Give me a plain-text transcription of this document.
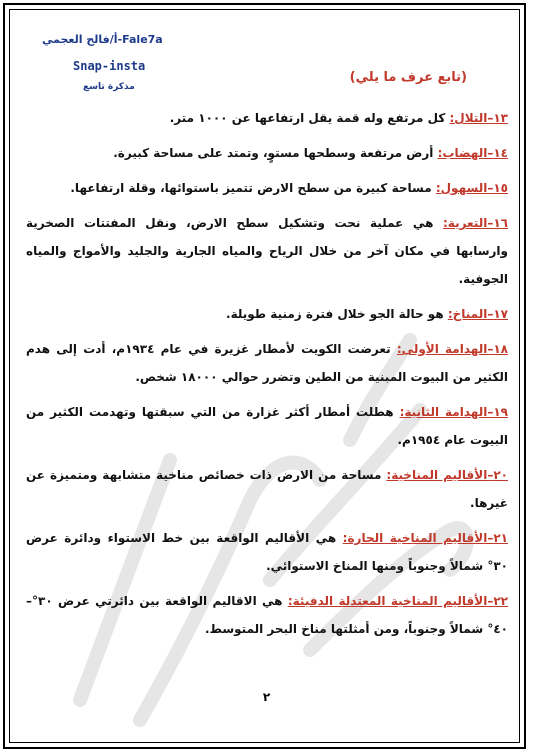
أ/فالح العجمي-Fale7a
Snap-insta
مذكرة تاسع
(تابع عرف ما يلي)
١٣–التلال: كل مرتفع وله قمة يقل ارتفاعها عن ١٠٠٠ متر.
١٤–الهضاب: أرض مرتفعة وسطحها مستوٍ، وتمتد على مساحة كبيرة.
١٥–السهول: مساحة كبيرة من سطح الارض تتميز باستوائها، وقلة ارتفاعها.
١٦–التعرية: هي عملية نحت وتشكيل سطح الارض، ونقل المفتتات الصخرية وارسابها في مكان آخر من خلال الرياح والمياه الجارية والجليد والأمواج والمياه الجوفية.
١٧–المناخ: هو حالة الجو خلال فترة زمنية طويلة.
١٨–الهدامة الأولى: تعرضت الكويت لأمطار غزيرة في عام ١٩٣٤م، أدت إلى هدم الكثير من البيوت المبنية من الطين وتضرر حوالي ١٨٠٠٠ شخص.
١٩–الهدامة الثانية: هطلت أمطار أكثر غزارة من التي سبقتها وتهدمت الكثير من البيوت عام ١٩٥٤م.
٢٠–الأقاليم المناخية: مساحة من الارض ذات خصائص مناخية متشابهة ومتميزة عن غيرها.
٢١–الأقاليم المناخية الحارة: هي الأقاليم الواقعة بين خط الاستواء ودائرة عرض ٣٠° شمالاً وجنوباً ومنها المناخ الاستوائي.
٢٢–الأقاليم المناخية المعتدلة الدفيئة: هي الاقاليم الواقعة بين دائرتي عرض ٣٠°– ٤٠° شمالاً وجنوباً، ومن أمثلتها مناخ البحر المتوسط.
٢
